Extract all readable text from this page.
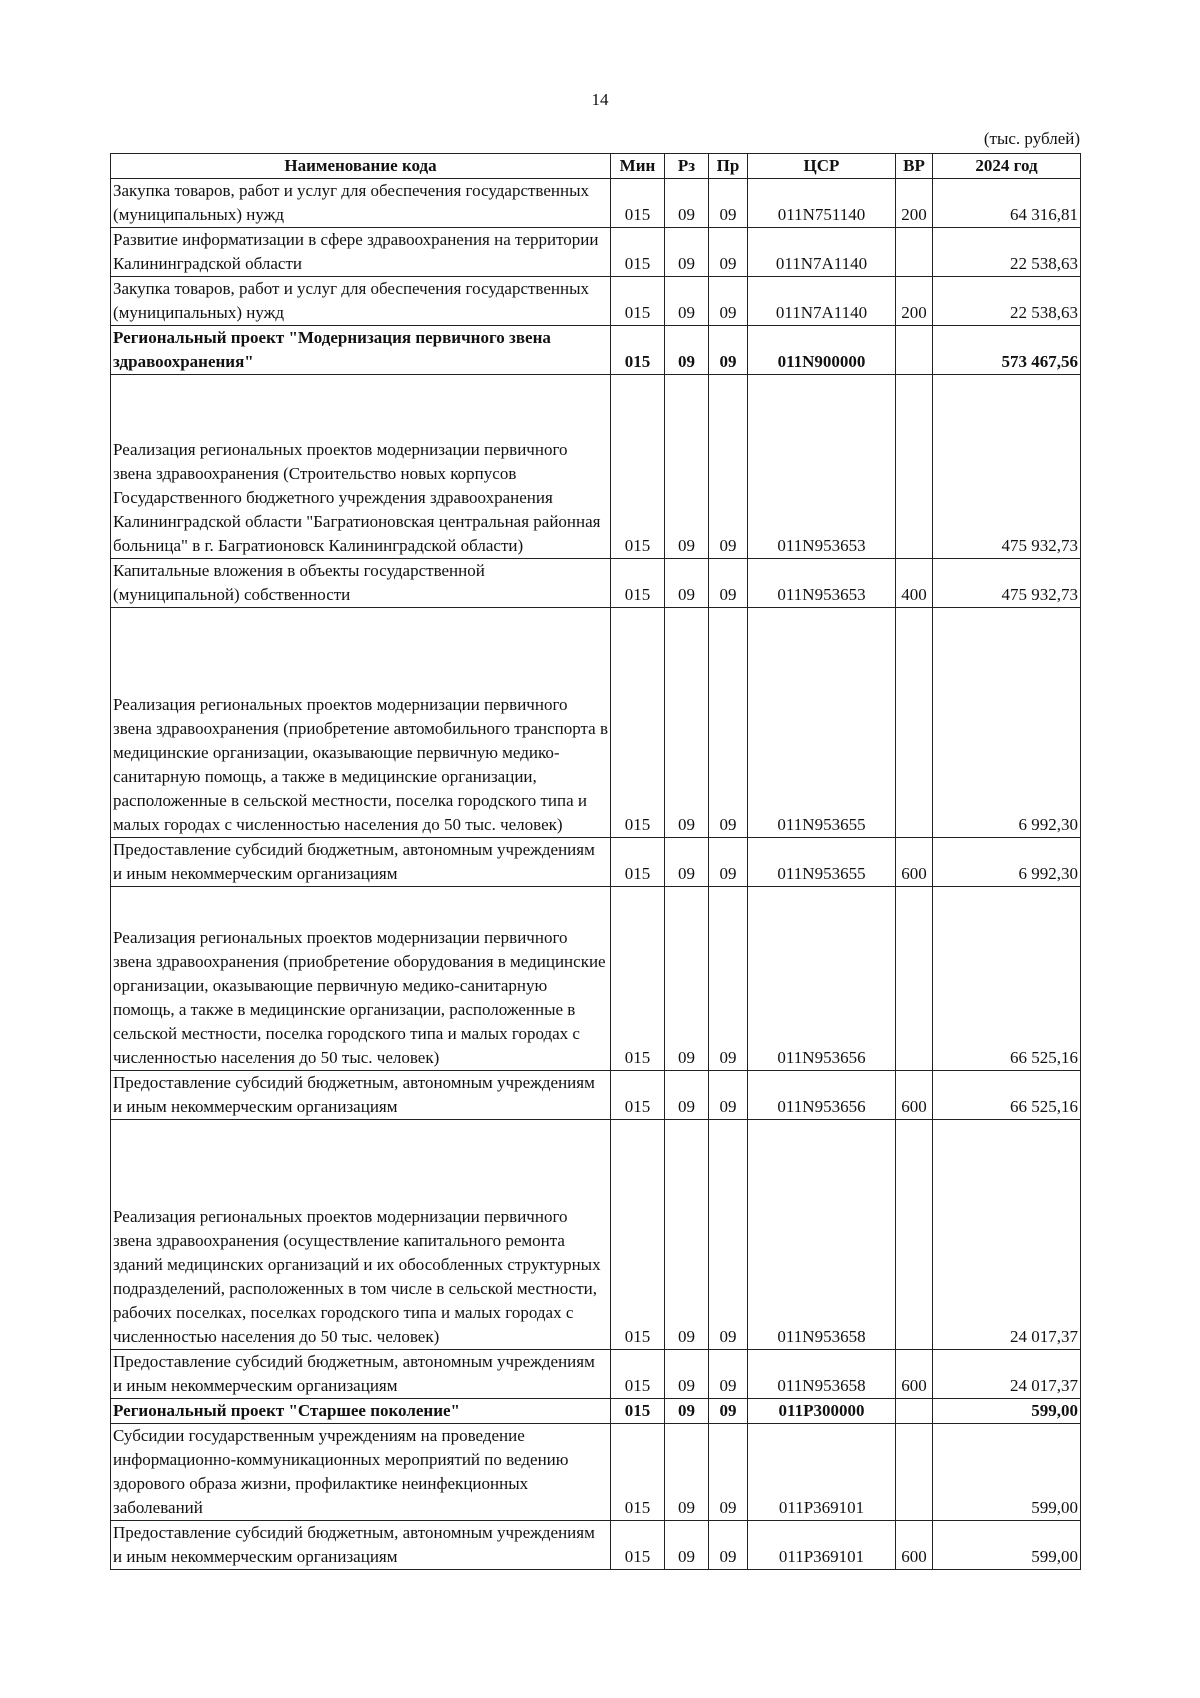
14
(тыс. рублей)
Наименование кода	Мин	Рз	Пр	ЦСР	ВР	2024 год
Закупка товаров, работ и услуг для обеспечения государственных (муниципальных) нужд	015	09	09	011N751140	200	64 316,81
Развитие информатизации в сфере здравоохранения на территории Калининградской области	015	09	09	011N7A1140		22 538,63
Закупка товаров, работ и услуг для обеспечения государственных (муниципальных) нужд	015	09	09	011N7A1140	200	22 538,63
Региональный проект "Модернизация первичного звена здравоохранения"	015	09	09	011N900000		573 467,56
Реализация региональных проектов модернизации первичного звена здравоохранения (Строительство новых корпусов Государственного бюджетного учреждения здравоохранения Калининградской области "Багратионовская центральная районная больница" в г. Багратионовск Калининградской области)	015	09	09	011N953653		475 932,73
Капитальные вложения в объекты государственной (муниципальной) собственности	015	09	09	011N953653	400	475 932,73
Реализация региональных проектов модернизации первичного звена здравоохранения (приобретение автомобильного транспорта в медицинские организации, оказывающие первичную медико-санитарную помощь, а также в медицинские организации, расположенные в сельской местности, поселка городского типа и малых городах с численностью населения до 50 тыс. человек)	015	09	09	011N953655		6 992,30
Предоставление субсидий бюджетным, автономным учреждениям и иным некоммерческим организациям	015	09	09	011N953655	600	6 992,30
Реализация региональных проектов модернизации первичного звена здравоохранения (приобретение оборудования в медицинские организации, оказывающие первичную медико-санитарную помощь, а также в медицинские организации, расположенные в сельской местности, поселка городского типа и малых городах с численностью населения до 50 тыс. человек)	015	09	09	011N953656		66 525,16
Предоставление субсидий бюджетным, автономным учреждениям и иным некоммерческим организациям	015	09	09	011N953656	600	66 525,16
Реализация региональных проектов модернизации первичного звена здравоохранения (осуществление капитального ремонта зданий медицинских организаций и их обособленных структурных подразделений, расположенных в том числе в сельской местности, рабочих поселках, поселках городского типа и малых городах с численностью населения до 50 тыс. человек)	015	09	09	011N953658		24 017,37
Предоставление субсидий бюджетным, автономным учреждениям и иным некоммерческим организациям	015	09	09	011N953658	600	24 017,37
Региональный проект "Старшее поколение"	015	09	09	011P300000		599,00
Субсидии государственным учреждениям на проведение информационно-коммуникационных мероприятий по ведению здорового образа жизни, профилактике неинфекционных заболеваний	015	09	09	011P369101		599,00
Предоставление субсидий бюджетным, автономным учреждениям и иным некоммерческим организациям	015	09	09	011P369101	600	599,00
